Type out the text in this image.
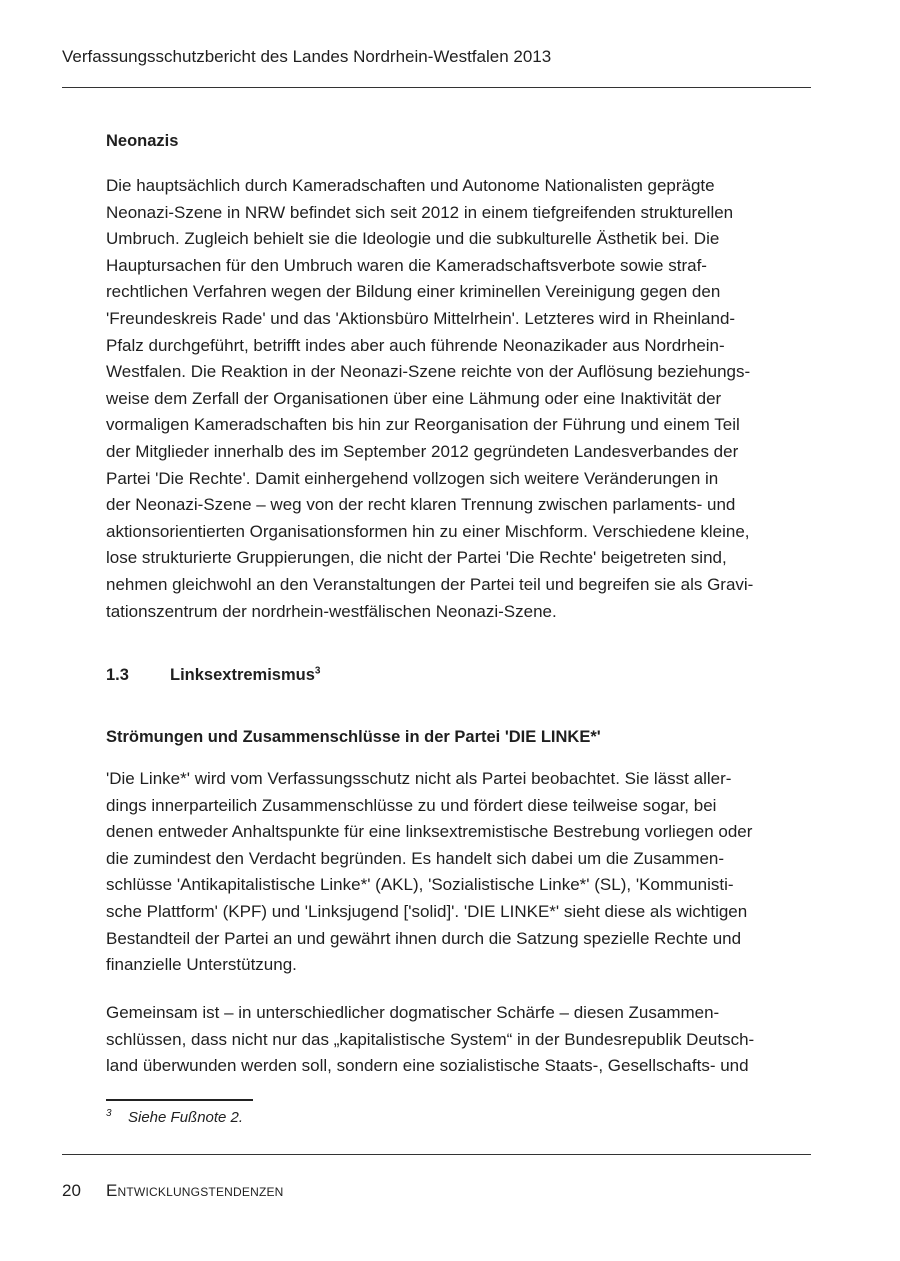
Verfassungsschutzbericht des Landes Nordrhein-Westfalen 2013
Neonazis

Die hauptsächlich durch Kameradschaften und Autonome Nationalisten geprägte
Neonazi-Szene in NRW befindet sich seit 2012 in einem tiefgreifenden strukturellen
Umbruch. Zugleich behielt sie die Ideologie und die subkulturelle Ästhetik bei. Die
Hauptursachen für den Umbruch waren die Kameradschaftsverbote sowie straf-
rechtlichen Verfahren wegen der Bildung einer kriminellen Vereinigung gegen den
'Freundeskreis Rade' und das 'Aktionsbüro Mittelrhein'. Letzteres wird in Rheinland-
Pfalz durchgeführt, betrifft indes aber auch führende Neonazikader aus Nordrhein-
Westfalen. Die Reaktion in der Neonazi-Szene reichte von der Auflösung beziehungs-
weise dem Zerfall der Organisationen über eine Lähmung oder eine Inaktivität der
vormaligen Kameradschaften bis hin zur Reorganisation der Führung und einem Teil
der Mitglieder innerhalb des im September 2012 gegründeten Landesverbandes der
Partei 'Die Rechte'. Damit einhergehend vollzogen sich weitere Veränderungen in
der Neonazi-Szene – weg von der recht klaren Trennung zwischen parlaments- und
aktionsorientierten Organisationsformen hin zu einer Mischform. Verschiedene kleine,
lose strukturierte Gruppierungen, die nicht der Partei 'Die Rechte' beigetreten sind,
nehmen gleichwohl an den Veranstaltungen der Partei teil und begreifen sie als Gravi-
tationszentrum der nordrhein-westfälischen Neonazi-Szene.

1.3 Linksextremismus$^3$
Strömungen und Zusammenschlüsse in der Partei 'DIE LINKE*'

'Die Linke*' wird vom Verfassungsschutz nicht als Partei beobachtet. Sie lässt aller-
dings innerparteilich Zusammenschlüsse zu und fördert diese teilweise sogar, bei
denen entweder Anhaltspunkte für eine linksextremistische Bestrebung vorliegen oder
die zumindest den Verdacht begründen. Es handelt sich dabei um die Zusammen-
schlüsse 'Antikapitalistische Linke*' (AKL), 'Sozialistische Linke*' (SL), 'Kommunisti-
sche Plattform' (KPF) und 'Linksjugend ['solid]'. 'DIE LINKE*' sieht diese als wichtigen
Bestandteil der Partei an und gewährt ihnen durch die Satzung spezielle Rechte und
finanzielle Unterstützung.

Gemeinsam ist – in unterschiedlicher dogmatischer Schärfe – diesen Zusammen-
schlüssen, dass nicht nur das „kapitalistische System“ in der Bundesrepublik Deutsch-
land überwunden werden soll, sondern eine sozialistische Staats-, Gesellschafts- und

3 Siehe Fußnote 2.
20 Entwicklungstendenzen
